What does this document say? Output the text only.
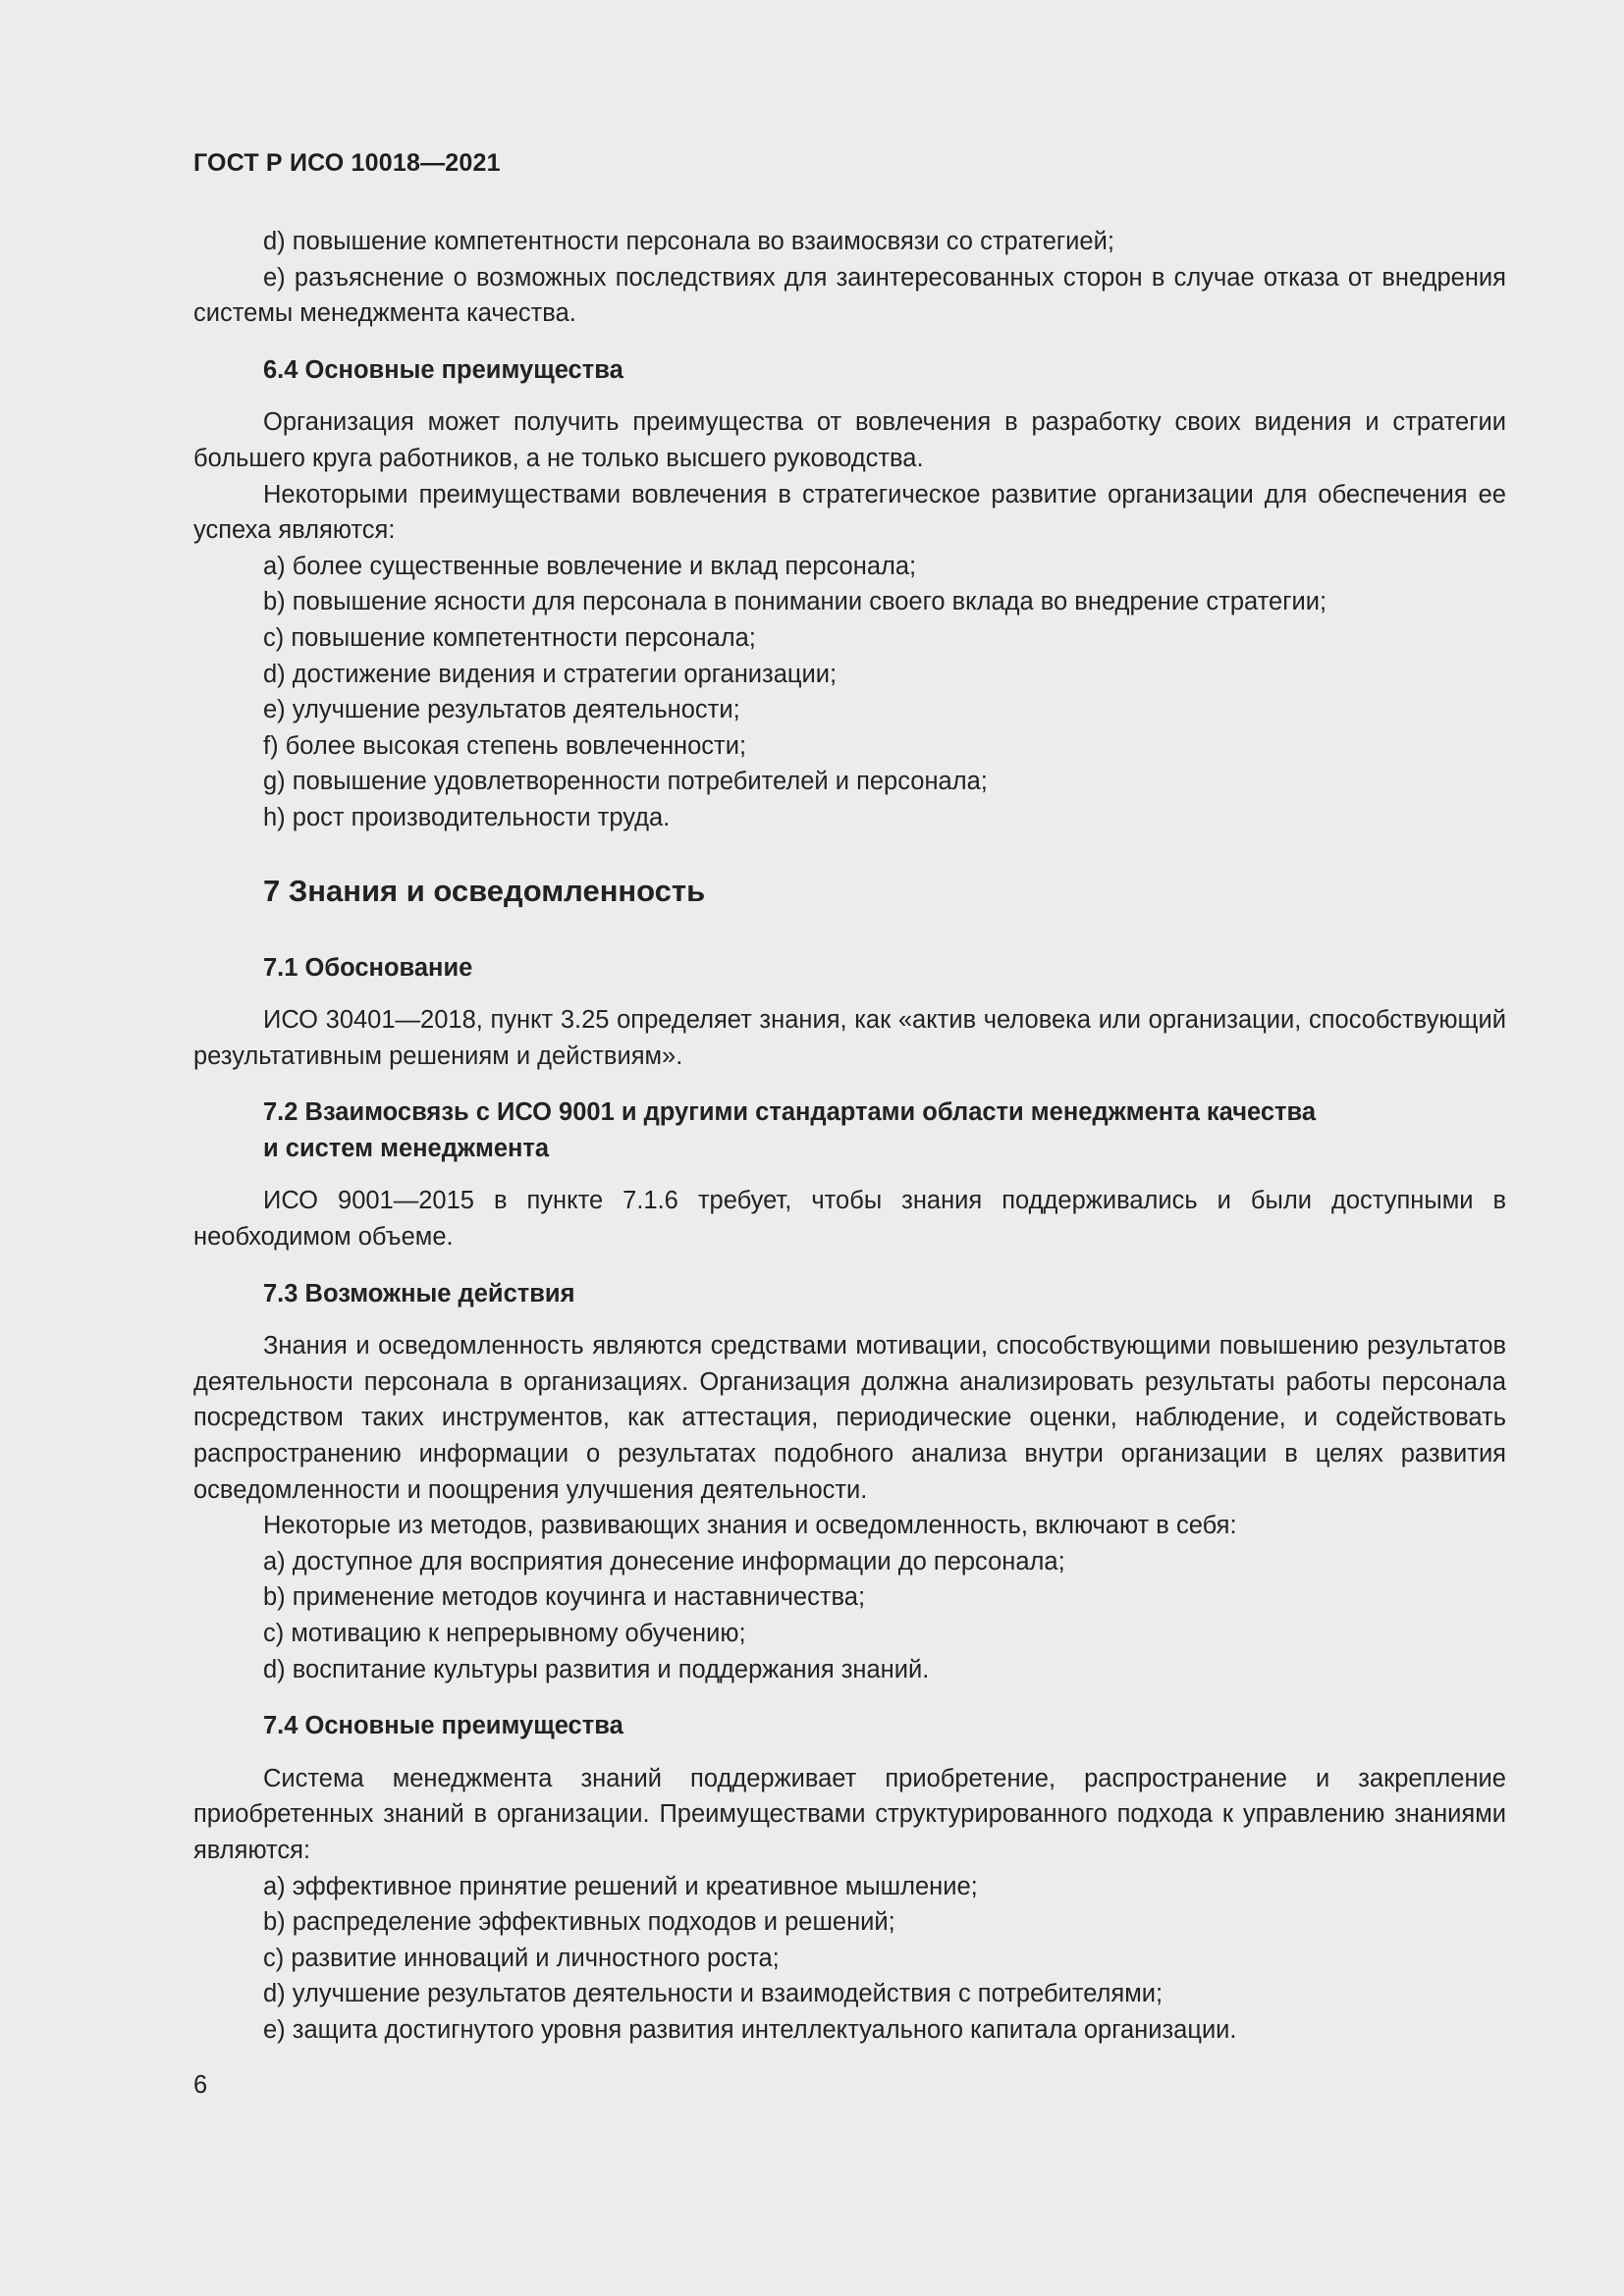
ГОСТ Р ИСО 10018—2021

d) повышение компетентности персонала во взаимосвязи со стратегией;

e) разъяснение о возможных последствиях для заинтересованных сторон в случае отказа от внедрения системы менеджмента качества.

6.4 Основные преимущества

Организация может получить преимущества от вовлечения в разработку своих видения и стратегии большего круга работников, а не только высшего руководства.

Некоторыми преимуществами вовлечения в стратегическое развитие организации для обеспечения ее успеха являются:

a) более существенные вовлечение и вклад персонала;

b) повышение ясности для персонала в понимании своего вклада во внедрение стратегии;

c) повышение компетентности персонала;

d) достижение видения и стратегии организации;

e) улучшение результатов деятельности;

f) более высокая степень вовлеченности;

g) повышение удовлетворенности потребителей и персонала;

h) рост производительности труда.

7 Знания и осведомленность

7.1 Обоснование

ИСО 30401—2018, пункт 3.25 определяет знания, как «актив человека или организации, способствующий результативным решениям и действиям».

7.2 Взаимосвязь с ИСО 9001 и другими стандартами области менеджмента качества

и систем менеджмента

ИСО 9001—2015 в пункте 7.1.6 требует, чтобы знания поддерживались и были доступными в необходимом объеме.

7.3 Возможные действия

Знания и осведомленность являются средствами мотивации, способствующими повышению результатов деятельности персонала в организациях. Организация должна анализировать результаты работы персонала посредством таких инструментов, как аттестация, периодические оценки, наблюдение, и содействовать распространению информации о результатах подобного анализа внутри организации в целях развития осведомленности и поощрения улучшения деятельности.

Некоторые из методов, развивающих знания и осведомленность, включают в себя:

a) доступное для восприятия донесение информации до персонала;

b) применение методов коучинга и наставничества;

c) мотивацию к непрерывному обучению;

d) воспитание культуры развития и поддержания знаний.

7.4 Основные преимущества

Система менеджмента знаний поддерживает приобретение, распространение и закрепление приобретенных знаний в организации. Преимуществами структурированного подхода к управлению знаниями являются:

a) эффективное принятие решений и креативное мышление;

b) распределение эффективных подходов и решений;

c) развитие инноваций и личностного роста;

d) улучшение результатов деятельности и взаимодействия с потребителями;

e) защита достигнутого уровня развития интеллектуального капитала организации.

6
